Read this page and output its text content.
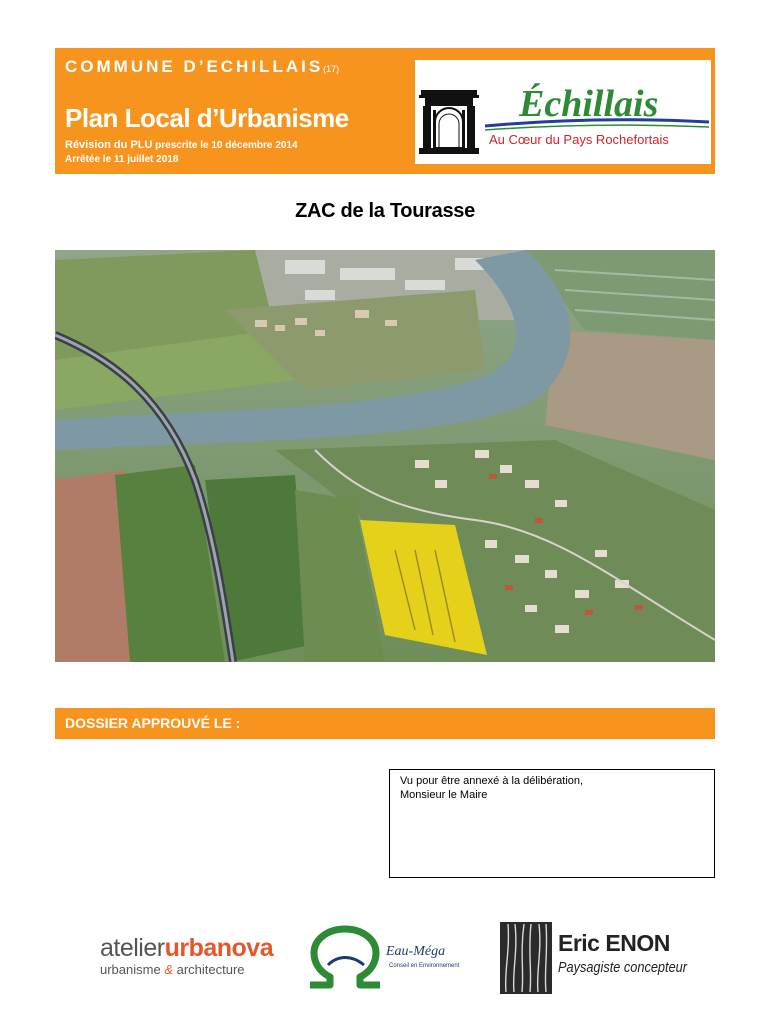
COMMUNE D’ECHILLAIS(17)
Plan Local d’Urbanisme
Révision du PLU prescrite le 10 décembre 2014
Arrêtée le 11 juillet 2018
Échillais
Au Cœur du Pays Rochefortais
ZAC de la Tourasse
DOSSIER APPROUVÉ LE :
Vu pour être annexé à la délibération,
Monsieur le Maire
atelierurbanova
urbanisme & architecture
Eau-Méga
Conseil en Environnement
Eric ENON
Paysagiste concepteur
